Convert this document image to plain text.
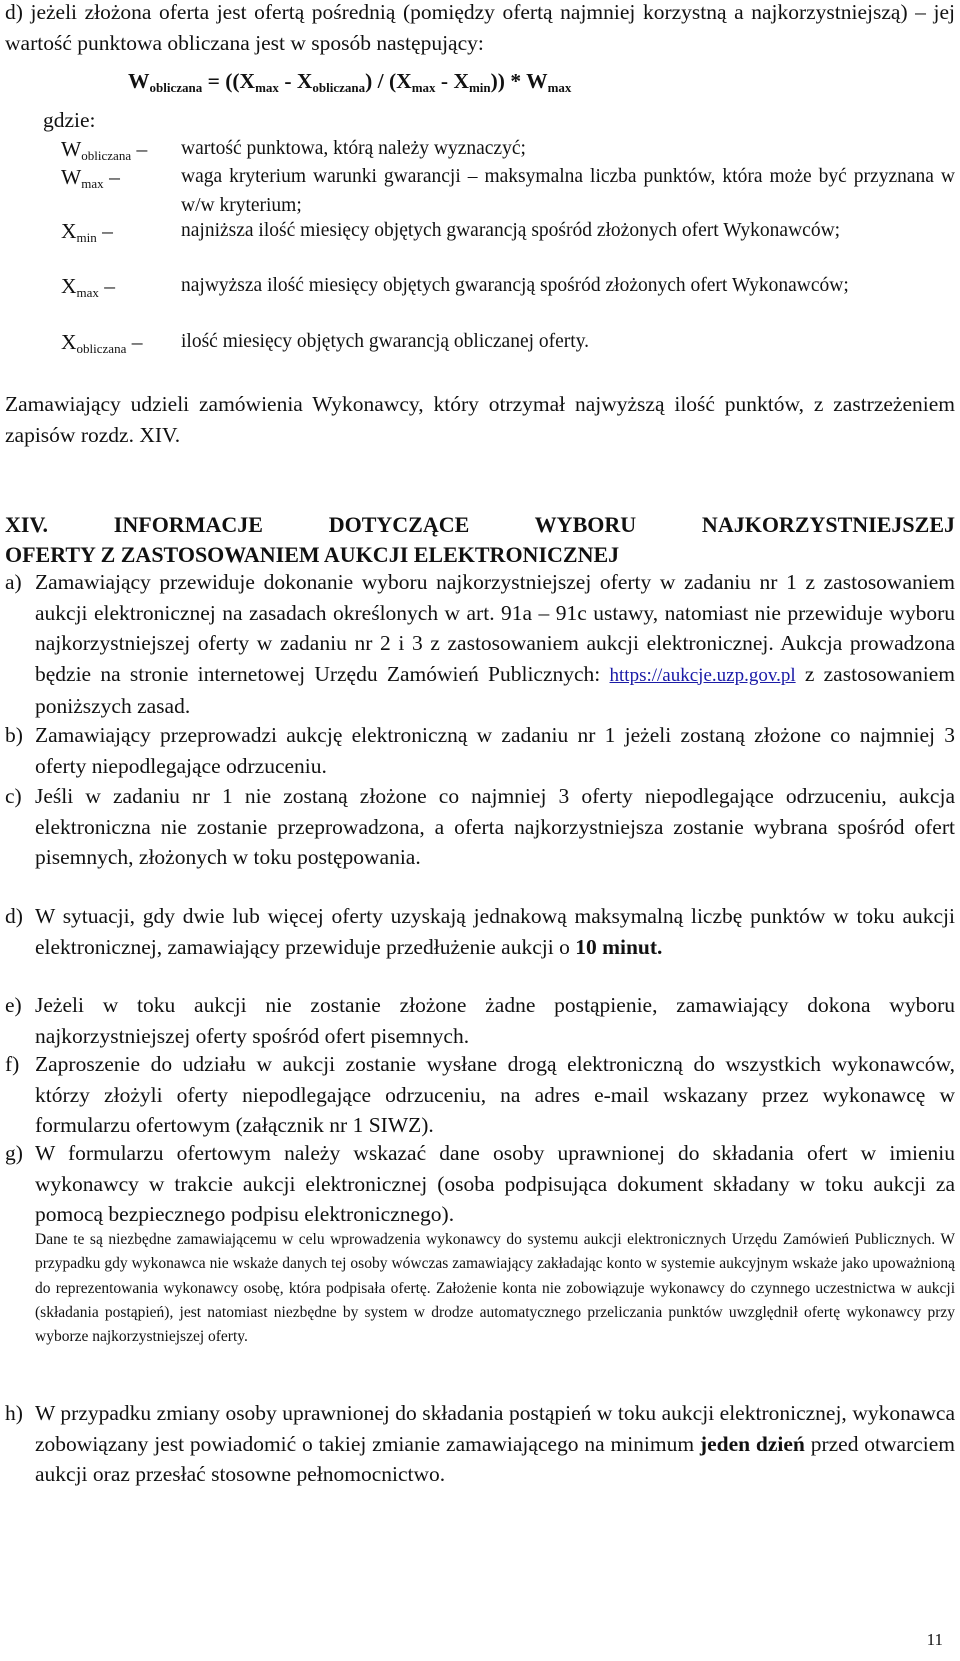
d) jeżeli złożona oferta jest ofertą pośrednią (pomiędzy ofertą najmniej korzystną a najkorzystniejszą) – jej wartość punktowa obliczana jest w sposób następujący:
$W_{obliczana} = ((X_{max} - X_{obliczana}) / (X_{max} - X_{min})) * W_{max}$
gdzie:
$W_{obliczana}$ –	wartość punktowa, którą należy wyznaczyć;
$W_{max}$ –	waga kryterium warunki gwarancji – maksymalna liczba punktów, która może być przyznana w w/w kryterium;
$X_{min}$ –	najniższa ilość miesięcy objętych gwarancją spośród złożonych ofert Wykonawców;
$X_{max}$ –	najwyższa ilość miesięcy objętych gwarancją spośród złożonych ofert Wykonawców;
$X_{obliczana}$ –	ilość miesięcy objętych gwarancją obliczanej oferty.
Zamawiający udzieli zamówienia Wykonawcy, który otrzymał najwyższą ilość punktów, z zastrzeżeniem zapisów rozdz. XIV.
XIV. INFORMACJE DOTYCZĄCE WYBORU NAJKORZYSTNIEJSZEJ
OFERTY Z ZASTOSOWANIEM AUKCJI ELEKTRONICZNEJ
a) Zamawiający przewiduje dokonanie wyboru najkorzystniejszej oferty w zadaniu nr 1 z zastosowaniem aukcji elektronicznej na zasadach określonych w art. 91a – 91c ustawy, natomiast nie przewiduje wyboru najkorzystniejszej oferty w zadaniu nr 2 i 3 z zastosowaniem aukcji elektronicznej. Aukcja prowadzona będzie na stronie internetowej Urzędu Zamówień Publicznych: https://aukcje.uzp.gov.pl z zastosowaniem poniższych zasad.
b) Zamawiający przeprowadzi aukcję elektroniczną w zadaniu nr 1 jeżeli zostaną złożone co najmniej 3 oferty niepodlegające odrzuceniu.
c) Jeśli w zadaniu nr 1 nie zostaną złożone co najmniej 3 oferty niepodlegające odrzuceniu, aukcja elektroniczna nie zostanie przeprowadzona, a oferta najkorzystniejsza zostanie wybrana spośród ofert pisemnych, złożonych w toku postępowania.
d) W sytuacji, gdy dwie lub więcej oferty uzyskają jednakową maksymalną liczbę punktów w toku aukcji elektronicznej, zamawiający przewiduje przedłużenie aukcji o 10 minut.
e) Jeżeli w toku aukcji nie zostanie złożone żadne postąpienie, zamawiający dokona wyboru najkorzystniejszej oferty spośród ofert pisemnych.
f) Zaproszenie do udziału w aukcji zostanie wysłane drogą elektroniczną do wszystkich wykonawców, którzy złożyli oferty niepodlegające odrzuceniu, na adres e-mail wskazany przez wykonawcę w formularzu ofertowym (załącznik nr 1 SIWZ).
g) W formularzu ofertowym należy wskazać dane osoby uprawnionej do składania ofert w imieniu wykonawcy w trakcie aukcji elektronicznej (osoba podpisująca dokument składany w toku aukcji za pomocą bezpiecznego podpisu elektronicznego).
Dane te są niezbędne zamawiającemu w celu wprowadzenia wykonawcy do systemu aukcji elektronicznych Urzędu Zamówień Publicznych. W przypadku gdy wykonawca nie wskaże danych tej osoby wówczas zamawiający zakładając konto w systemie aukcyjnym wskaże jako upoważnioną do reprezentowania wykonawcy osobę, która podpisała ofertę. Założenie konta nie zobowiązuje wykonawcy do czynnego uczestnictwa w aukcji (składania postąpień), jest natomiast niezbędne by system w drodze automatycznego przeliczania punktów uwzględnił ofertę wykonawcy przy wyborze najkorzystniejszej oferty.
h) W przypadku zmiany osoby uprawnionej do składania postąpień w toku aukcji elektronicznej, wykonawca zobowiązany jest powiadomić o takiej zmianie zamawiającego na minimum jeden dzień przed otwarciem aukcji oraz przesłać stosowne pełnomocnictwo.
11
